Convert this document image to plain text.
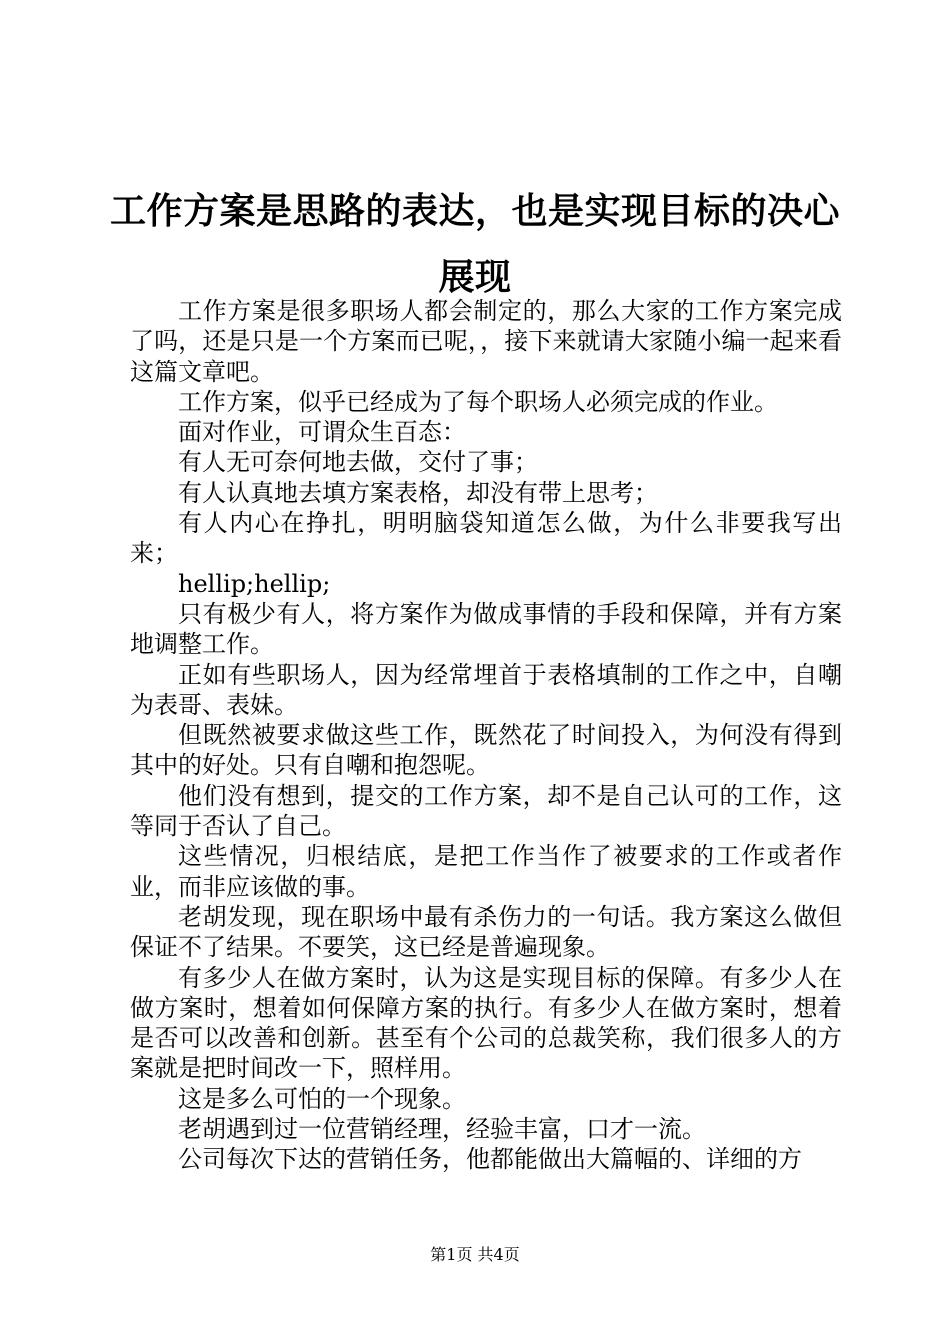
工作方案是思路的表达，也是实现目标的决心
展现

工作方案是很多职场人都会制定的，那么大家的工作方案完成了吗，还是只是一个方案而已呢，，接下来就请大家随小编一起来看这篇文章吧。

工作方案，似乎已经成为了每个职场人必须完成的作业。

面对作业，可谓众生百态：

有人无可奈何地去做，交付了事；

有人认真地去填方案表格，却没有带上思考；

有人内心在挣扎，明明脑袋知道怎么做，为什么非要我写出来；

hellip;hellip;

只有极少有人，将方案作为做成事情的手段和保障，并有方案地调整工作。

正如有些职场人，因为经常埋首于表格填制的工作之中，自嘲为表哥、表妹。

但既然被要求做这些工作，既然花了时间投入，为何没有得到其中的好处。只有自嘲和抱怨呢。

他们没有想到，提交的工作方案，却不是自己认可的工作，这等同于否认了自己。

这些情况，归根结底，是把工作当作了被要求的工作或者作业，而非应该做的事。

老胡发现，现在职场中最有杀伤力的一句话。我方案这么做但保证不了结果。不要笑，这已经是普遍现象。

有多少人在做方案时，认为这是实现目标的保障。有多少人在做方案时，想着如何保障方案的执行。有多少人在做方案时，想着是否可以改善和创新。甚至有个公司的总裁笑称，我们很多人的方案就是把时间改一下，照样用。

这是多么可怕的一个现象。

老胡遇到过一位营销经理，经验丰富，口才一流。

公司每次下达的营销任务，他都能做出大篇幅的、详细的方

第1页 共4页
